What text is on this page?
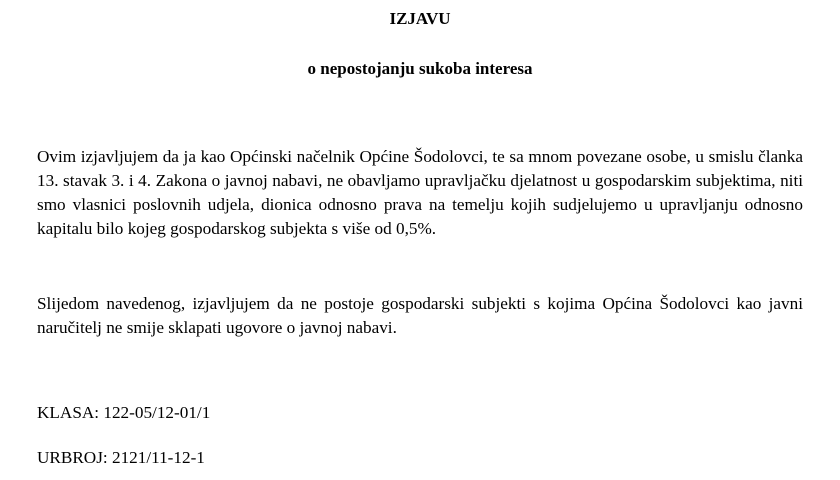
IZJAVU

o nepostojanju sukoba interesa

Ovim izjavljujem da ja kao Općinski načelnik Općine Šodolovci, te sa mnom povezane osobe, u smislu članka 13. stavak 3. i 4. Zakona o javnoj nabavi, ne obavljamo upravljačku djelatnost u gospodarskim subjektima, niti smo vlasnici poslovnih udjela, dionica odnosno prava na temelju kojih sudjelujemo u upravljanju odnosno kapitalu bilo kojeg gospodarskog subjekta s više od 0,5%.

Slijedom navedenog, izjavljujem da ne postoje gospodarski subjekti s kojima Općina Šodolovci kao javni naručitelj ne smije sklapati ugovore o javnoj nabavi.

KLASA: 122-05/12-01/1

URBROJ: 2121/11-12-1
